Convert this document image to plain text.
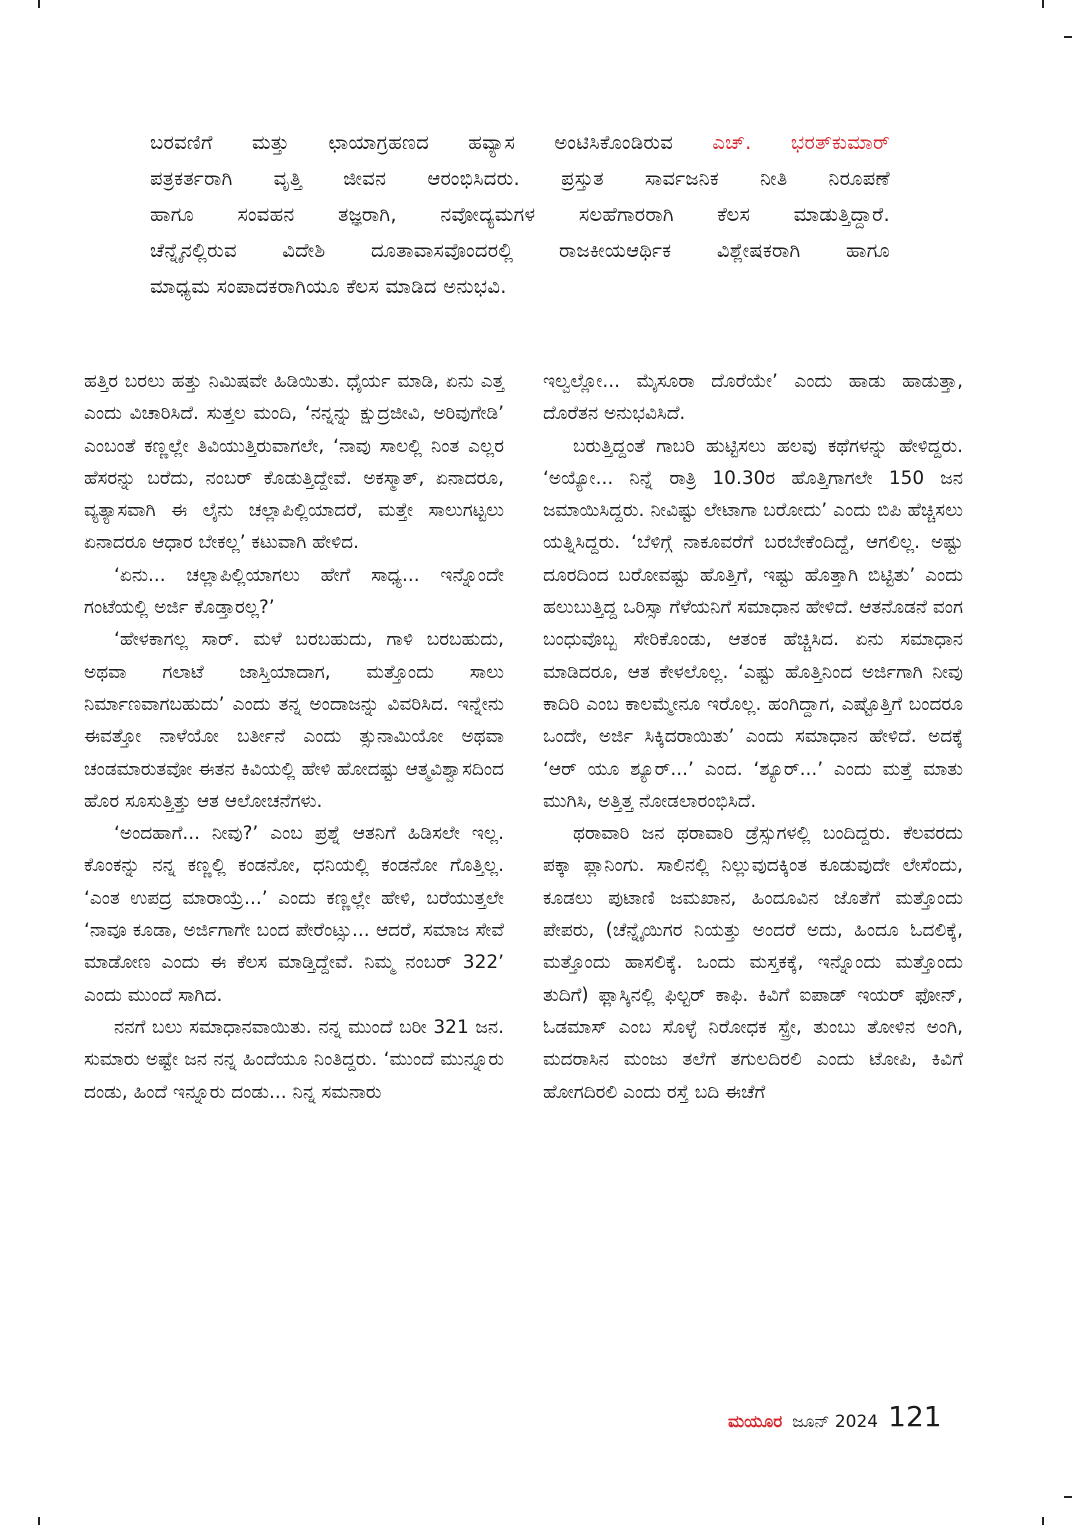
ಬರವಣಿಗೆ ಮತ್ತು ಛಾಯಾಗ್ರಹಣದ ಹವ್ಯಾಸ ಅಂಟಿಸಿಕೊಂಡಿರುವ ಎಚ್. ಭರತ್‌ಕುಮಾರ್
ಪತ್ರಕರ್ತರಾಗಿ ವೃತ್ತಿ ಜೀವನ ಆರಂಭಿಸಿದರು. ಪ್ರಸ್ತುತ ಸಾರ್ವಜನಿಕ ನೀತಿ ನಿರೂಪಣೆ
ಹಾಗೂ ಸಂವಹನ ತಜ್ಞರಾಗಿ, ನವೋದ್ಯಮಗಳ ಸಲಹೆಗಾರರಾಗಿ ಕೆಲಸ ಮಾಡುತ್ತಿದ್ದಾರೆ.
ಚೆನ್ನೈನಲ್ಲಿರುವ ವಿದೇಶಿ ದೂತಾವಾಸವೊಂದರಲ್ಲಿ ರಾಜಕೀಯಆರ್ಥಿಕ ವಿಶ್ಲೇಷಕರಾಗಿ ಹಾಗೂ
ಮಾಧ್ಯಮ ಸಂಪಾದಕರಾಗಿಯೂ ಕೆಲಸ ಮಾಡಿದ ಅನುಭವಿ.

ಹತ್ತಿರ ಬರಲು ಹತ್ತು ನಿಮಿಷವೇ ಹಿಡಿಯಿತು. ಧೈರ್ಯ ಮಾಡಿ, ಏನು ಎತ್ತ ಎಂದು ವಿಚಾರಿಸಿದೆ. ಸುತ್ತಲ ಮಂದಿ, ‘ನನ್ನನ್ನು ಕ್ಷುದ್ರಜೀವಿ, ಅರಿವುಗೇಡಿ’ ಎಂಬಂತೆ ಕಣ್ಣಲ್ಲೇ ತಿವಿಯುತ್ತಿರುವಾಗಲೇ, ‘ನಾವು ಸಾಲಲ್ಲಿ ನಿಂತ ಎಲ್ಲರ ಹೆಸರನ್ನು ಬರೆದು, ನಂಬರ್ ಕೊಡುತ್ತಿದ್ದೇವೆ. ಅಕಸ್ಮಾತ್, ಏನಾದರೂ, ವ್ಯತ್ಯಾಸವಾಗಿ ಈ ಲೈನು ಚಲ್ಲಾಪಿಲ್ಲಿಯಾದರೆ, ಮತ್ತೇ ಸಾಲುಗಟ್ಟಲು ಏನಾದರೂ ಆಧಾರ ಬೇಕಲ್ಲ’ ಕಟುವಾಗಿ ಹೇಳಿದ.

‘ಏನು... ಚಲ್ಲಾಪಿಲ್ಲಿಯಾಗಲು ಹೇಗೆ ಸಾಧ್ಯ... ಇನ್ನೊಂದೇ ಗಂಟೆಯಲ್ಲಿ ಅರ್ಜಿ ಕೊಡ್ತಾರಲ್ಲ?’

‘ಹೇಳಕಾಗಲ್ಲ ಸಾರ್. ಮಳೆ ಬರಬಹುದು, ಗಾಳಿ ಬರಬಹುದು, ಅಥವಾ ಗಲಾಟೆ ಜಾಸ್ತಿಯಾದಾಗ, ಮತ್ತೊಂದು ಸಾಲು ನಿರ್ಮಾಣವಾಗಬಹುದು’ ಎಂದು ತನ್ನ ಅಂದಾಜನ್ನು ವಿವರಿಸಿದ. ಇನ್ನೇನು ಈವತ್ತೋ ನಾಳೆಯೋ ಬರ್ತೀನೆ ಎಂದು ತ್ಸುನಾಮಿಯೋ ಅಥವಾ ಚಂಡಮಾರುತವೋ ಈತನ ಕಿವಿಯಲ್ಲಿ ಹೇಳಿ ಹೋದಷ್ಟು ಆತ್ಮವಿಶ್ವಾಸದಿಂದ ಹೊರ ಸೂಸುತ್ತಿತ್ತು ಆತ ಆಲೋಚನೆಗಳು.

‘ಅಂದಹಾಗೆ... ನೀವು?’ ಎಂಬ ಪ್ರಶ್ನೆ ಆತನಿಗೆ ಹಿಡಿಸಲೇ ಇಲ್ಲ. ಕೊಂಕನ್ನು ನನ್ನ ಕಣ್ಣಲ್ಲಿ ಕಂಡನೋ, ಧನಿಯಲ್ಲಿ ಕಂಡನೋ ಗೊತ್ತಿಲ್ಲ. ‘ಎಂತ ಉಪದ್ರ ಮಾರಾಯ್ರೆ...’ ಎಂದು ಕಣ್ಣಲ್ಲೇ ಹೇಳಿ, ಬರೆಯುತ್ತಲೇ ‘ನಾವೂ ಕೂಡಾ, ಅರ್ಜಿಗಾಗೇ ಬಂದ ಪೇರೆಂಟ್ಸು... ಆದರೆ, ಸಮಾಜ ಸೇವೆ ಮಾಡೋಣ ಎಂದು ಈ ಕೆಲಸ ಮಾಡ್ತಿದ್ದೇವೆ. ನಿಮ್ಮ ನಂಬರ್ 322’ ಎಂದು ಮುಂದೆ ಸಾಗಿದ.

ನನಗೆ ಬಲು ಸಮಾಧಾನವಾಯಿತು. ನನ್ನ ಮುಂದೆ ಬರೀ 321 ಜನ. ಸುಮಾರು ಅಷ್ಟೇ ಜನ ನನ್ನ ಹಿಂದೆಯೂ ನಿಂತಿದ್ದರು. ‘ಮುಂದೆ ಮುನ್ನೂರು ದಂಡು, ಹಿಂದೆ ಇನ್ನೂರು ದಂಡು... ನಿನ್ನ ಸಮನಾರು

ಇಲ್ವಲ್ಲೋ... ಮೈಸೂರಾ ದೊರೆಯೇ’ ಎಂದು ಹಾಡು ಹಾಡುತ್ತಾ, ದೊರೆತನ ಅನುಭವಿಸಿದೆ.

ಬರುತ್ತಿದ್ದಂತೆ ಗಾಬರಿ ಹುಟ್ಟಿಸಲು ಹಲವು ಕಥೆಗಳನ್ನು ಹೇಳಿದ್ದರು. ‘ಅಯ್ಯೋ... ನಿನ್ನೆ ರಾತ್ರಿ 10.30ರ ಹೊತ್ತಿಗಾಗಲೇ 150 ಜನ ಜಮಾಯಿಸಿದ್ದರು. ನೀವಿಷ್ಟು ಲೇಟಾಗಾ ಬರೋದು’ ಎಂದು ಬಿಪಿ ಹೆಚ್ಚಿಸಲು ಯತ್ನಿಸಿದ್ದರು. ‘ಬೆಳಿಗ್ಗೆ ನಾಕೂವರೆಗೆ ಬರಬೇಕೆಂದಿದ್ದೆ, ಆಗಲಿಲ್ಲ. ಅಷ್ಟು ದೂರದಿಂದ ಬರೋವಷ್ಟು ಹೊತ್ತಿಗೆ, ಇಷ್ಟು ಹೊತ್ತಾಗಿ ಬಿಟ್ಟಿತು’ ಎಂದು ಹಲುಬುತ್ತಿದ್ದ ಒರಿಸ್ಸಾ ಗೆಳೆಯನಿಗೆ ಸಮಾಧಾನ ಹೇಳಿದೆ. ಆತನೊಡನೆ ವಂಗ ಬಂಧುವೊಬ್ಬ ಸೇರಿಕೊಂಡು, ಆತಂಕ ಹೆಚ್ಚಿಸಿದ. ಏನು ಸಮಾಧಾನ ಮಾಡಿದರೂ, ಆತ ಕೇಳಲೊಲ್ಲ. ‘ಎಷ್ಟು ಹೊತ್ತಿನಿಂದ ಅರ್ಜಿಗಾಗಿ ನೀವು ಕಾದಿರಿ ಎಂಬ ಕಾಲಮ್ಮೇನೂ ಇರೊಲ್ಲ. ಹಂಗಿದ್ದಾಗ, ಎಷ್ಟೊತ್ತಿಗೆ ಬಂದರೂ ಒಂದೇ, ಅರ್ಜಿ ಸಿಕ್ಕಿದರಾಯಿತು’ ಎಂದು ಸಮಾಧಾನ ಹೇಳಿದೆ. ಅದಕ್ಕೆ ‘ಆರ್ ಯೂ ಶ್ಯೂರ್...’ ಎಂದ. ‘ಶ್ಯೂರ್...’ ಎಂದು ಮತ್ತೆ ಮಾತು ಮುಗಿಸಿ, ಅತ್ತಿತ್ತ ನೋಡಲಾರಂಭಿಸಿದೆ.

ಥರಾವಾರಿ ಜನ ಥರಾವಾರಿ ಡ್ರೆಸ್ಸುಗಳಲ್ಲಿ ಬಂದಿದ್ದರು. ಕೆಲವರದು ಪಕ್ಕಾ ಪ್ಲಾನಿಂಗು. ಸಾಲಿನಲ್ಲಿ ನಿಲ್ಲುವುದಕ್ಕಿಂತ ಕೂಡುವುದೇ ಲೇಸೆಂದು, ಕೂಡಲು ಪುಟಾಣಿ ಜಮಖಾನ, ಹಿಂದೂವಿನ ಜೊತೆಗೆ ಮತ್ತೊಂದು ಪೇಪರು, (ಚೆನ್ನೈಯಿಗರ ನಿಯತ್ತು ಅಂದರೆ ಅದು, ಹಿಂದೂ ಓದಲಿಕ್ಕೆ, ಮತ್ತೊಂದು ಹಾಸಲಿಕ್ಕೆ. ಒಂದು ಮಸ್ತಕಕ್ಕೆ, ಇನ್ನೊಂದು ಮತ್ತೊಂದು ತುದಿಗೆ) ಫ್ಲಾಸ್ಕಿನಲ್ಲಿ ಫಿಲ್ಟರ್ ಕಾಫಿ. ಕಿವಿಗೆ ಐಪಾಡ್ ಇಯರ್ ಫೋನ್, ಓಡಮಾಸ್ ಎಂಬ ಸೊಳ್ಳೆ ನಿರೋಧಕ ಸ್ಪ್ರೇ, ತುಂಬು ತೋಳಿನ ಅಂಗಿ, ಮದರಾಸಿನ ಮಂಜು ತಲೆಗೆ ತಗುಲದಿರಲಿ ಎಂದು ಟೋಪಿ, ಕಿವಿಗೆ ಹೋಗದಿರಲಿ ಎಂದು ರಸ್ತೆ ಬದಿ ಈಚೆಗೆ

ಮಯೂರ ಜೂನ್ 2024 121
